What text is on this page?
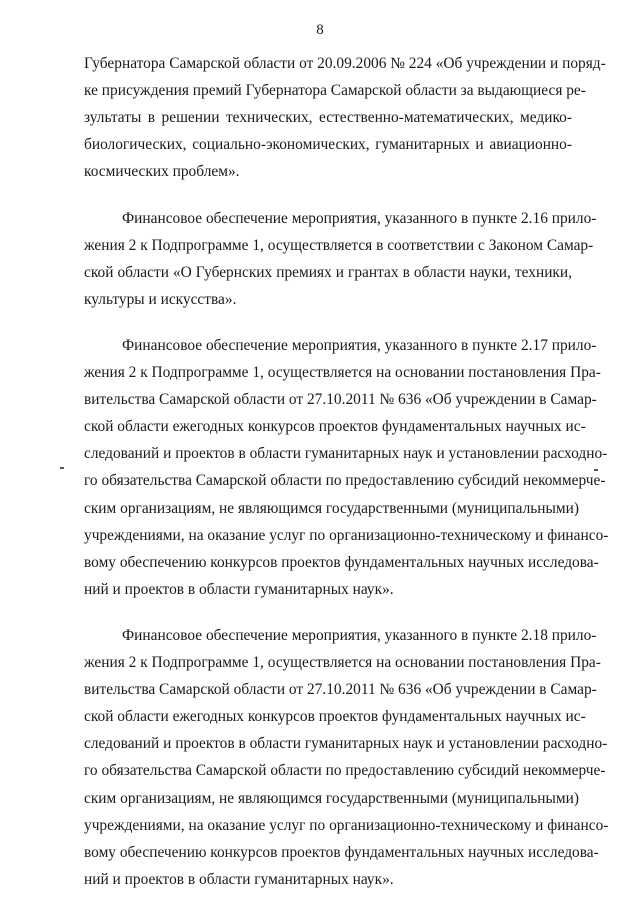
8
Губернатора Самарской области от 20.09.2006 № 224 «Об учреждении и поряд-
ке присуждения премий Губернатора Самарской области за выдающиеся ре-
зультаты в решении технических, естественно-математических, медико-
биологических, социально-экономических, гуманитарных и авиационно-
космических проблем».
Финансовое обеспечение мероприятия, указанного в пункте 2.16 прило-
жения 2 к Подпрограмме 1, осуществляется в соответствии с Законом Самар-
ской области «О Губернских премиях и грантах в области науки, техники,
культуры и искусства».
Финансовое обеспечение мероприятия, указанного в пункте 2.17 прило-
жения 2 к Подпрограмме 1, осуществляется на основании постановления Пра-
вительства Самарской области от 27.10.2011 № 636 «Об учреждении в Самар-
ской области ежегодных конкурсов проектов фундаментальных научных ис-
следований и проектов в области гуманитарных наук и установлении расходно-
го обязательства Самарской области по предоставлению субсидий некоммерче-
ским организациям, не являющимся государственными (муниципальными)
учреждениями, на оказание услуг по организационно-техническому и финансо-
вому обеспечению конкурсов проектов фундаментальных научных исследова-
ний и проектов в области гуманитарных наук».
Финансовое обеспечение мероприятия, указанного в пункте 2.18 прило-
жения 2 к Подпрограмме 1, осуществляется на основании постановления Пра-
вительства Самарской области от 27.10.2011 № 636 «Об учреждении в Самар-
ской области ежегодных конкурсов проектов фундаментальных научных ис-
следований и проектов в области гуманитарных наук и установлении расходно-
го обязательства Самарской области по предоставлению субсидий некоммерче-
ским организациям, не являющимся государственными (муниципальными)
учреждениями, на оказание услуг по организационно-техническому и финансо-
вому обеспечению конкурсов проектов фундаментальных научных исследова-
ний и проектов в области гуманитарных наук».
